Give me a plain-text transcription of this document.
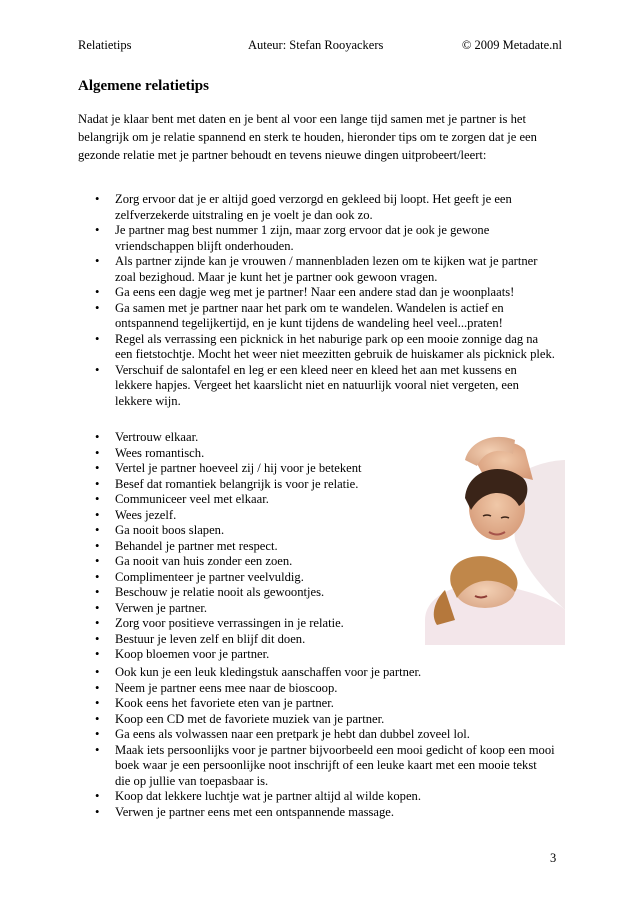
Relatietips	Auteur: Stefan Rooyackers	© 2009 Metadate.nl
Algemene relatietips

Nadat je klaar bent met daten en je bent al voor een lange tijd samen met je partner is het belangrijk om je relatie spannend en sterk te houden, hieronder tips om te zorgen dat je een gezonde relatie met je partner behoudt en tevens nieuwe dingen uitprobeert/leert:

• Zorg ervoor dat je er altijd goed verzorgd en gekleed bij loopt. Het geeft je een zelfverzekerde uitstraling en je voelt je dan ook zo.
• Je partner mag best nummer 1 zijn, maar zorg ervoor dat je ook je gewone vriendschappen blijft onderhouden.
• Als partner zijnde kan je vrouwen / mannenbladen lezen om te kijken wat je partner zoal bezighoud. Maar je kunt het je partner ook gewoon vragen.
• Ga eens een dagje weg met je partner! Naar een andere stad dan je woonplaats!
• Ga samen met je partner naar het park om te wandelen. Wandelen is actief en ontspannend tegelijkertijd, en je kunt tijdens de wandeling heel veel...praten!
• Regel als verrassing een picknick in het naburige park op een mooie zonnige dag na een fietstochtje. Mocht het weer niet meezitten gebruik de huiskamer als picknick plek.
• Verschuif de salontafel en leg er een kleed neer en kleed het aan met kussens en lekkere hapjes. Vergeet het kaarslicht niet en natuurlijk vooral niet vergeten, een lekkere wijn.
• Vertrouw elkaar.
• Wees romantisch.
• Vertel je partner hoeveel zij / hij voor je betekent
• Besef dat romantiek belangrijk is voor je relatie.
• Communiceer veel met elkaar.
• Wees jezelf.
• Ga nooit boos slapen.
• Behandel je partner met respect.
• Ga nooit van huis zonder een zoen.
• Complimenteer je partner veelvuldig.
• Beschouw je relatie nooit als gewoontjes.
• Verwen je partner.
• Zorg voor positieve verrassingen in je relatie.
• Bestuur je leven zelf en blijf dit doen.
• Koop bloemen voor je partner.
• Ook kun je een leuk kledingstuk aanschaffen voor je partner.
• Neem je partner eens mee naar de bioscoop.
• Kook eens het favoriete eten van je partner.
• Koop een CD met de favoriete muziek van je partner.
• Ga eens als volwassen naar een pretpark je hebt dan dubbel zoveel lol.
• Maak iets persoonlijks voor je partner bijvoorbeeld een mooi gedicht of koop een mooi boek waar je een persoonlijke noot inschrijft of een leuke kaart met een mooie tekst die op jullie van toepasbaar is.
• Koop dat lekkere luchtje wat je partner altijd al wilde kopen.
• Verwen je partner eens met een ontspannende massage.
3
